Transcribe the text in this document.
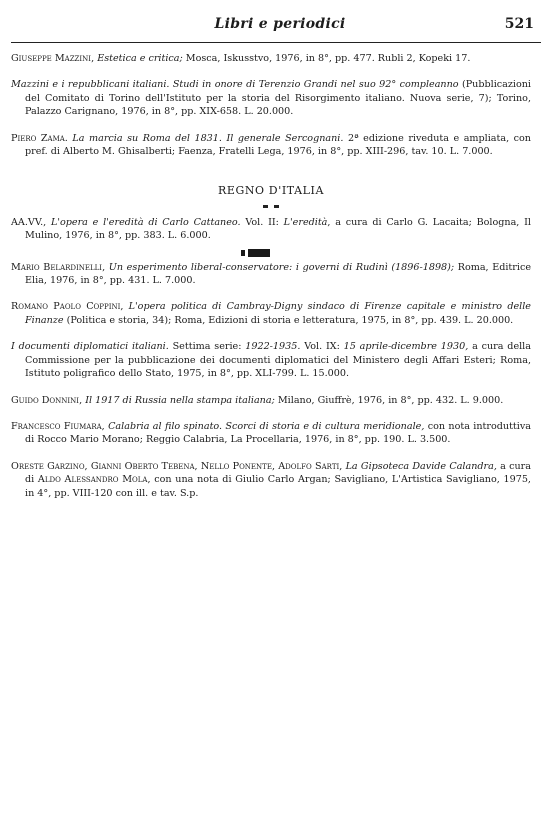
Libri e periodici	521

Giuseppe Mazzini, Estetica e critica; Mosca, Iskusstvo, 1976, in 8°, pp. 477. Rubli 2, Kopeki 17.

Mazzini e i repubblicani italiani. Studi in onore di Terenzio Grandi nel suo 92° compleanno (Pubblicazioni del Comitato di Torino dell'Istituto per la storia del Risorgimento italiano. Nuova serie, 7); Torino, Palazzo Carignano, 1976, in 8°, pp. XIX-658. L. 20.000.

Piero Zama. La marcia su Roma del 1831. Il generale Sercognani. 2ª edizione riveduta e ampliata, con pref. di Alberto M. Ghisalberti; Faenza, Fratelli Lega, 1976, in 8°, pp. XIII-296, tav. 10. L. 7.000.

REGNO D'ITALIA

AA.VV., L'opera e l'eredità di Carlo Cattaneo. Vol. II: L'eredità, a cura di Carlo G. Lacaita; Bologna, Il Mulino, 1976, in 8°, pp. 383. L. 6.000.

Mario Belardinelli, Un esperimento liberal-conservatore: i governi di Rudinì (1896-1898); Roma, Editrice Elia, 1976, in 8°, pp. 431. L. 7.000.

Romano Paolo Coppini, L'opera politica di Cambray-Digny sindaco di Firenze capitale e ministro delle Finanze (Politica e storia, 34); Roma, Edizioni di storia e letteratura, 1975, in 8°, pp. 439. L. 20.000.

I documenti diplomatici italiani. Settima serie: 1922-1935. Vol. IX: 15 aprile-dicembre 1930, a cura della Commissione per la pubblicazione dei documenti diplomatici del Ministero degli Affari Esteri; Roma, Istituto poligrafico dello Stato, 1975, in 8°, pp. XLI-799. L. 15.000.

Guido Donnini, Il 1917 di Russia nella stampa italiana; Milano, Giuffrè, 1976, in 8°, pp. 432. L. 9.000.

Francesco Fiumara, Calabria al filo spinato. Scorci di storia e di cultura meridionale, con nota introduttiva di Rocco Mario Morano; Reggio Calabria, La Procellaria, 1976, in 8°, pp. 190. L. 3.500.

Oreste Garzino, Gianni Oberto Tebena, Nello Ponente, Adolfo Sarti, La Gipsoteca Davide Calandra, a cura di Aldo Alessandro Mola, con una nota di Giulio Carlo Argan; Savigliano, L'Artistica Savigliano, 1975, in 4°, pp. VIII-120 con ill. e tav. S.p.
